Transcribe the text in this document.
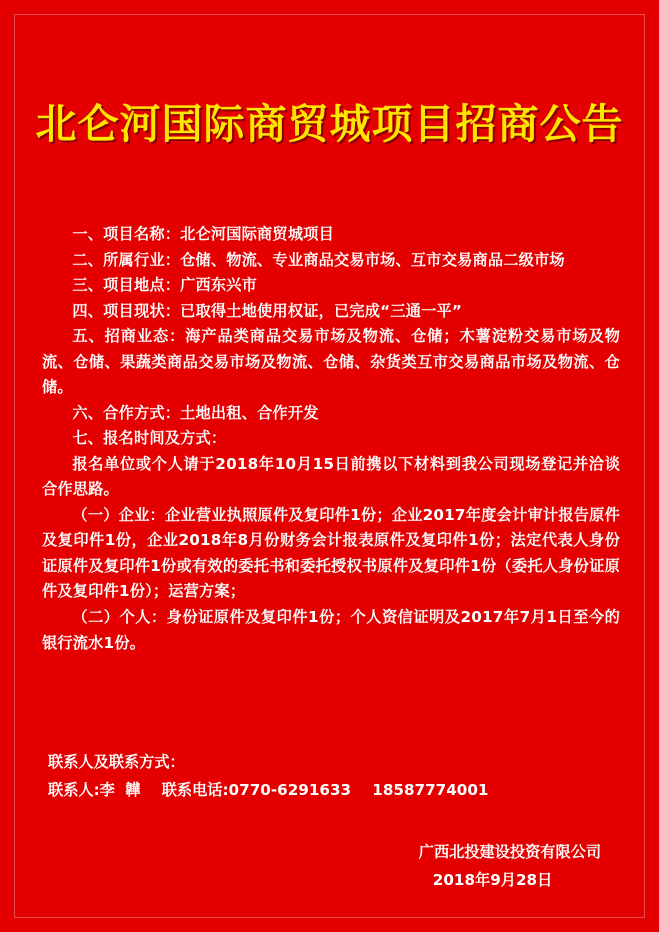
北仑河国际商贸城项目招商公告

一、项目名称：北仑河国际商贸城项目

二、所属行业：仓储、物流、专业商品交易市场、互市交易商品二级市场

三、项目地点：广西东兴市

四、项目现状：已取得土地使用权证，已完成“三通一平”

五、招商业态：海产品类商品交易市场及物流、仓储；木薯淀粉交易市场及物流、仓储、果蔬类商品交易市场及物流、仓储、杂货类互市交易商品市场及物流、仓储。

六、合作方式：土地出租、合作开发

七、报名时间及方式：

报名单位或个人请于2018年10月15日前携以下材料到我公司现场登记并洽谈合作思路。

（一）企业：企业营业执照原件及复印件1份；企业2017年度会计审计报告原件及复印件1份，企业2018年8月份财务会计报表原件及复印件1份；法定代表人身份证原件及复印件1份或有效的委托书和委托授权书原件及复印件1份（委托人身份证原件及复印件1份）；运营方案；

（二）个人：身份证原件及复印件1份；个人资信证明及2017年7月1日至今的银行流水1份。

联系人及联系方式：

联系人:李  韡    联系电话:0770-6291633    18587774001

广西北投建设投资有限公司

2018年9月28日
